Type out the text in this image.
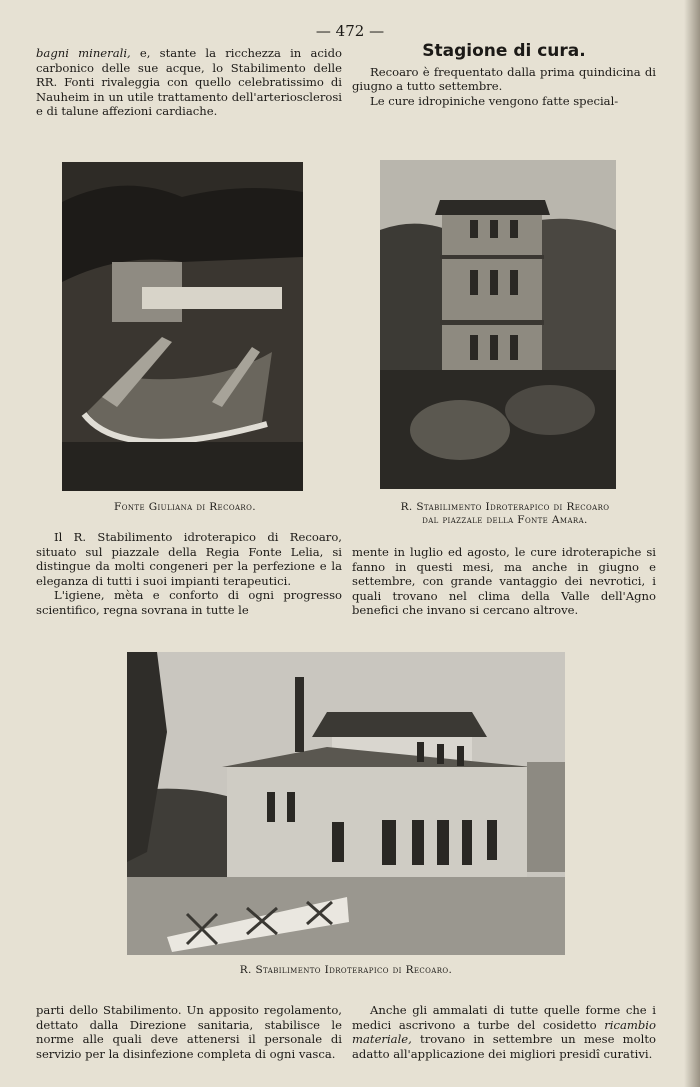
— 472 —

bagni minerali, e, stante la ricchezza in acido carbonico delle sue acque, lo Stabilimento delle RR. Fonti rivaleggia con quello celebratissimo di Nauheim in un utile trattamento dell'arteriosclerosi e di talune affezioni cardiache.

Stagione di cura.

Recoaro è frequentato dalla prima quindicina di giugno a tutto settembre.

Le cure idropiniche vengono fatte special-

Fonte Giuliana di Recoaro.	R. Stabilimento Idroterapico di Recoaro
dal piazzale della Fonte Amara.

Il R. Stabilimento idroterapico di Recoaro, situato sul piazzale della Regia Fonte Lelia, si distingue da molti congeneri per la perfezione e la eleganza di tutti i suoi impianti terapeutici.

L'igiene, mèta e conforto di ogni progresso scientifico, regna sovrana in tutte le

mente in luglio ed agosto, le cure idroterapiche si fanno in questi mesi, ma anche in giugno e settembre, con grande vantaggio dei nevrotici, i quali trovano nel clima della Valle dell'Agno benefici che invano si cercano altrove.

R. Stabilimento Idroterapico di Recoaro.

parti dello Stabilimento. Un apposito regolamento, dettato dalla Direzione sanitaria, stabilisce le norme alle quali deve attenersi il personale di servizio per la disinfezione completa di ogni vasca.

Anche gli ammalati di tutte quelle forme che i medici ascrivono a turbe del cosidetto ricambio materiale, trovano in settembre un mese molto adatto all'applicazione dei migliori presidî curativi.
